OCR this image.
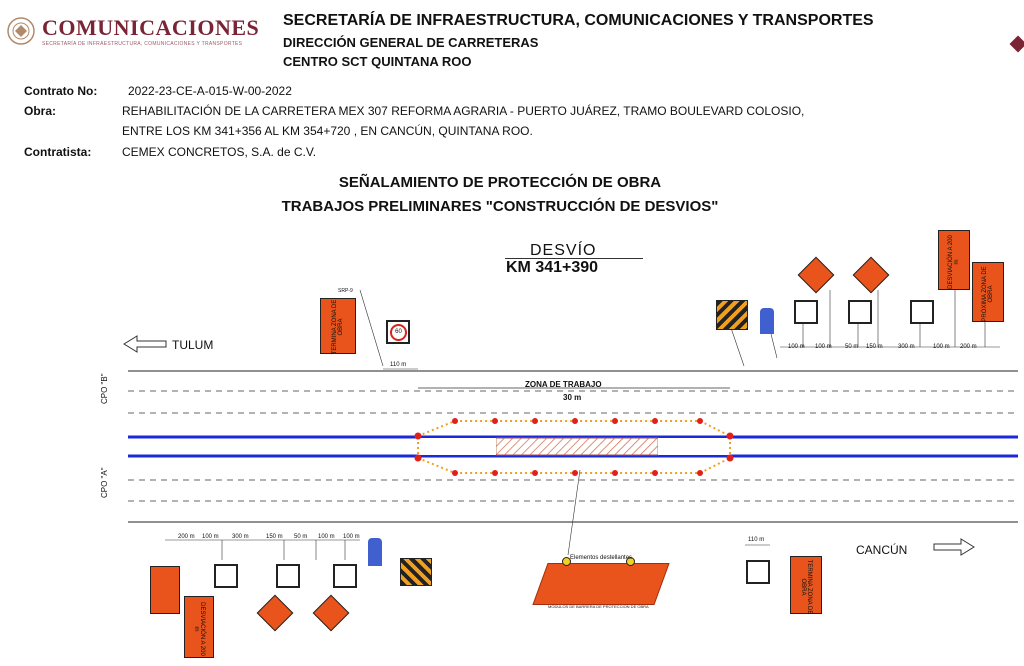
COMUNICACIONES
SECRETARÍA DE INFRAESTRUCTURA, COMUNICACIONES Y TRANSPORTES
SECRETARÍA DE INFRAESTRUCTURA, COMUNICACIONES Y TRANSPORTES
DIRECCIÓN GENERAL DE CARRETERAS
CENTRO SCT QUINTANA ROO
Contrato No:	2022-23-CE-A-015-W-00-2022
Obra:	REHABILITACIÓN DE LA CARRETERA MEX 307 REFORMA AGRARIA - PUERTO JUÁREZ, TRAMO BOULEVARD COLOSIO,
ENTRE LOS KM 341+356 AL KM 354+720 , EN CANCÚN, QUINTANA ROO.
Contratista:	CEMEX CONCRETOS, S.A. de C.V.
SEÑALAMIENTO DE PROTECCIÓN DE OBRA
TRABAJOS PRELIMINARES "CONSTRUCCIÓN DE DESVIOS"
DESVÍO
KM 341+390
110 m
100 m 100 m 50 m 150 m	300 m	100 m 200 m
200 m 100 m 300 m	150 m 50 m 100 m 100 m	110 m
TULUM
CANCÚN
ZONA DE TRABAJO
30 m
CPO "B"
CPO "A"
TERMINA ZONA DE OBRA
SRP-9
60
DESVIACIÓN A 200 m
PRÓXIMA ZONA DE OBRA
DESVIACIÓN A 200 m
Elementos destellantes
MODULOS DE BARRERA DE PROTECCION DE OBRA	TERMINA ZONA DE OBRA
